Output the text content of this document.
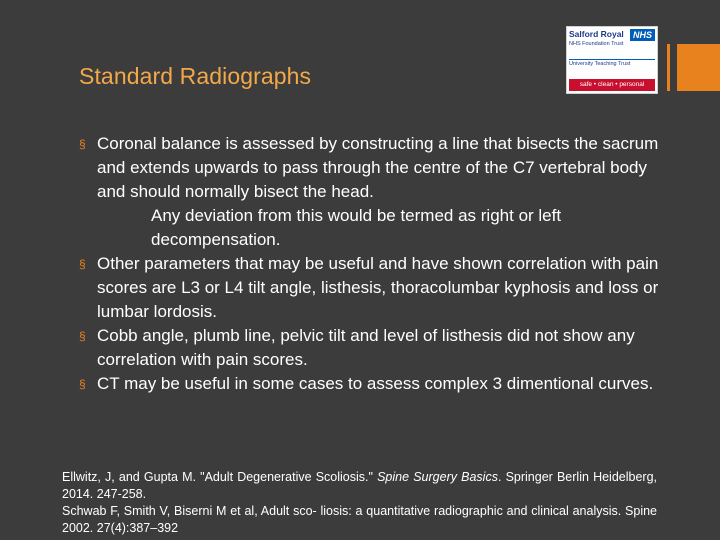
Standard Radiographs
Salford Royal	NHS
NHS Foundation Trust
University Teaching Trust
safe • clean • personal
§ Coronal balance is assessed by constructing a line that bisects the sacrum and extends upwards to pass through the centre of the C7 vertebral body and should normally bisect the head.
Any deviation from this would be termed as right or left decompensation.
§ Other parameters that may be useful and have shown correlation with pain scores are L3 or L4 tilt angle, listhesis, thoracolumbar kyphosis and loss or lumbar lordosis.
§ Cobb angle, plumb line, pelvic tilt and level of listhesis did not show any correlation with pain scores.
§ CT may be useful in some cases to assess complex 3 dimentional curves.

Ellwitz, J, and Gupta M. "Adult Degenerative Scoliosis." Spine Surgery Basics. Springer Berlin Heidelberg, 2014. 247-258.

Schwab F, Smith V, Biserni M et al, Adult sco- liosis: a quantitative radiographic and clinical analysis. Spine 2002. 27(4):387–392
